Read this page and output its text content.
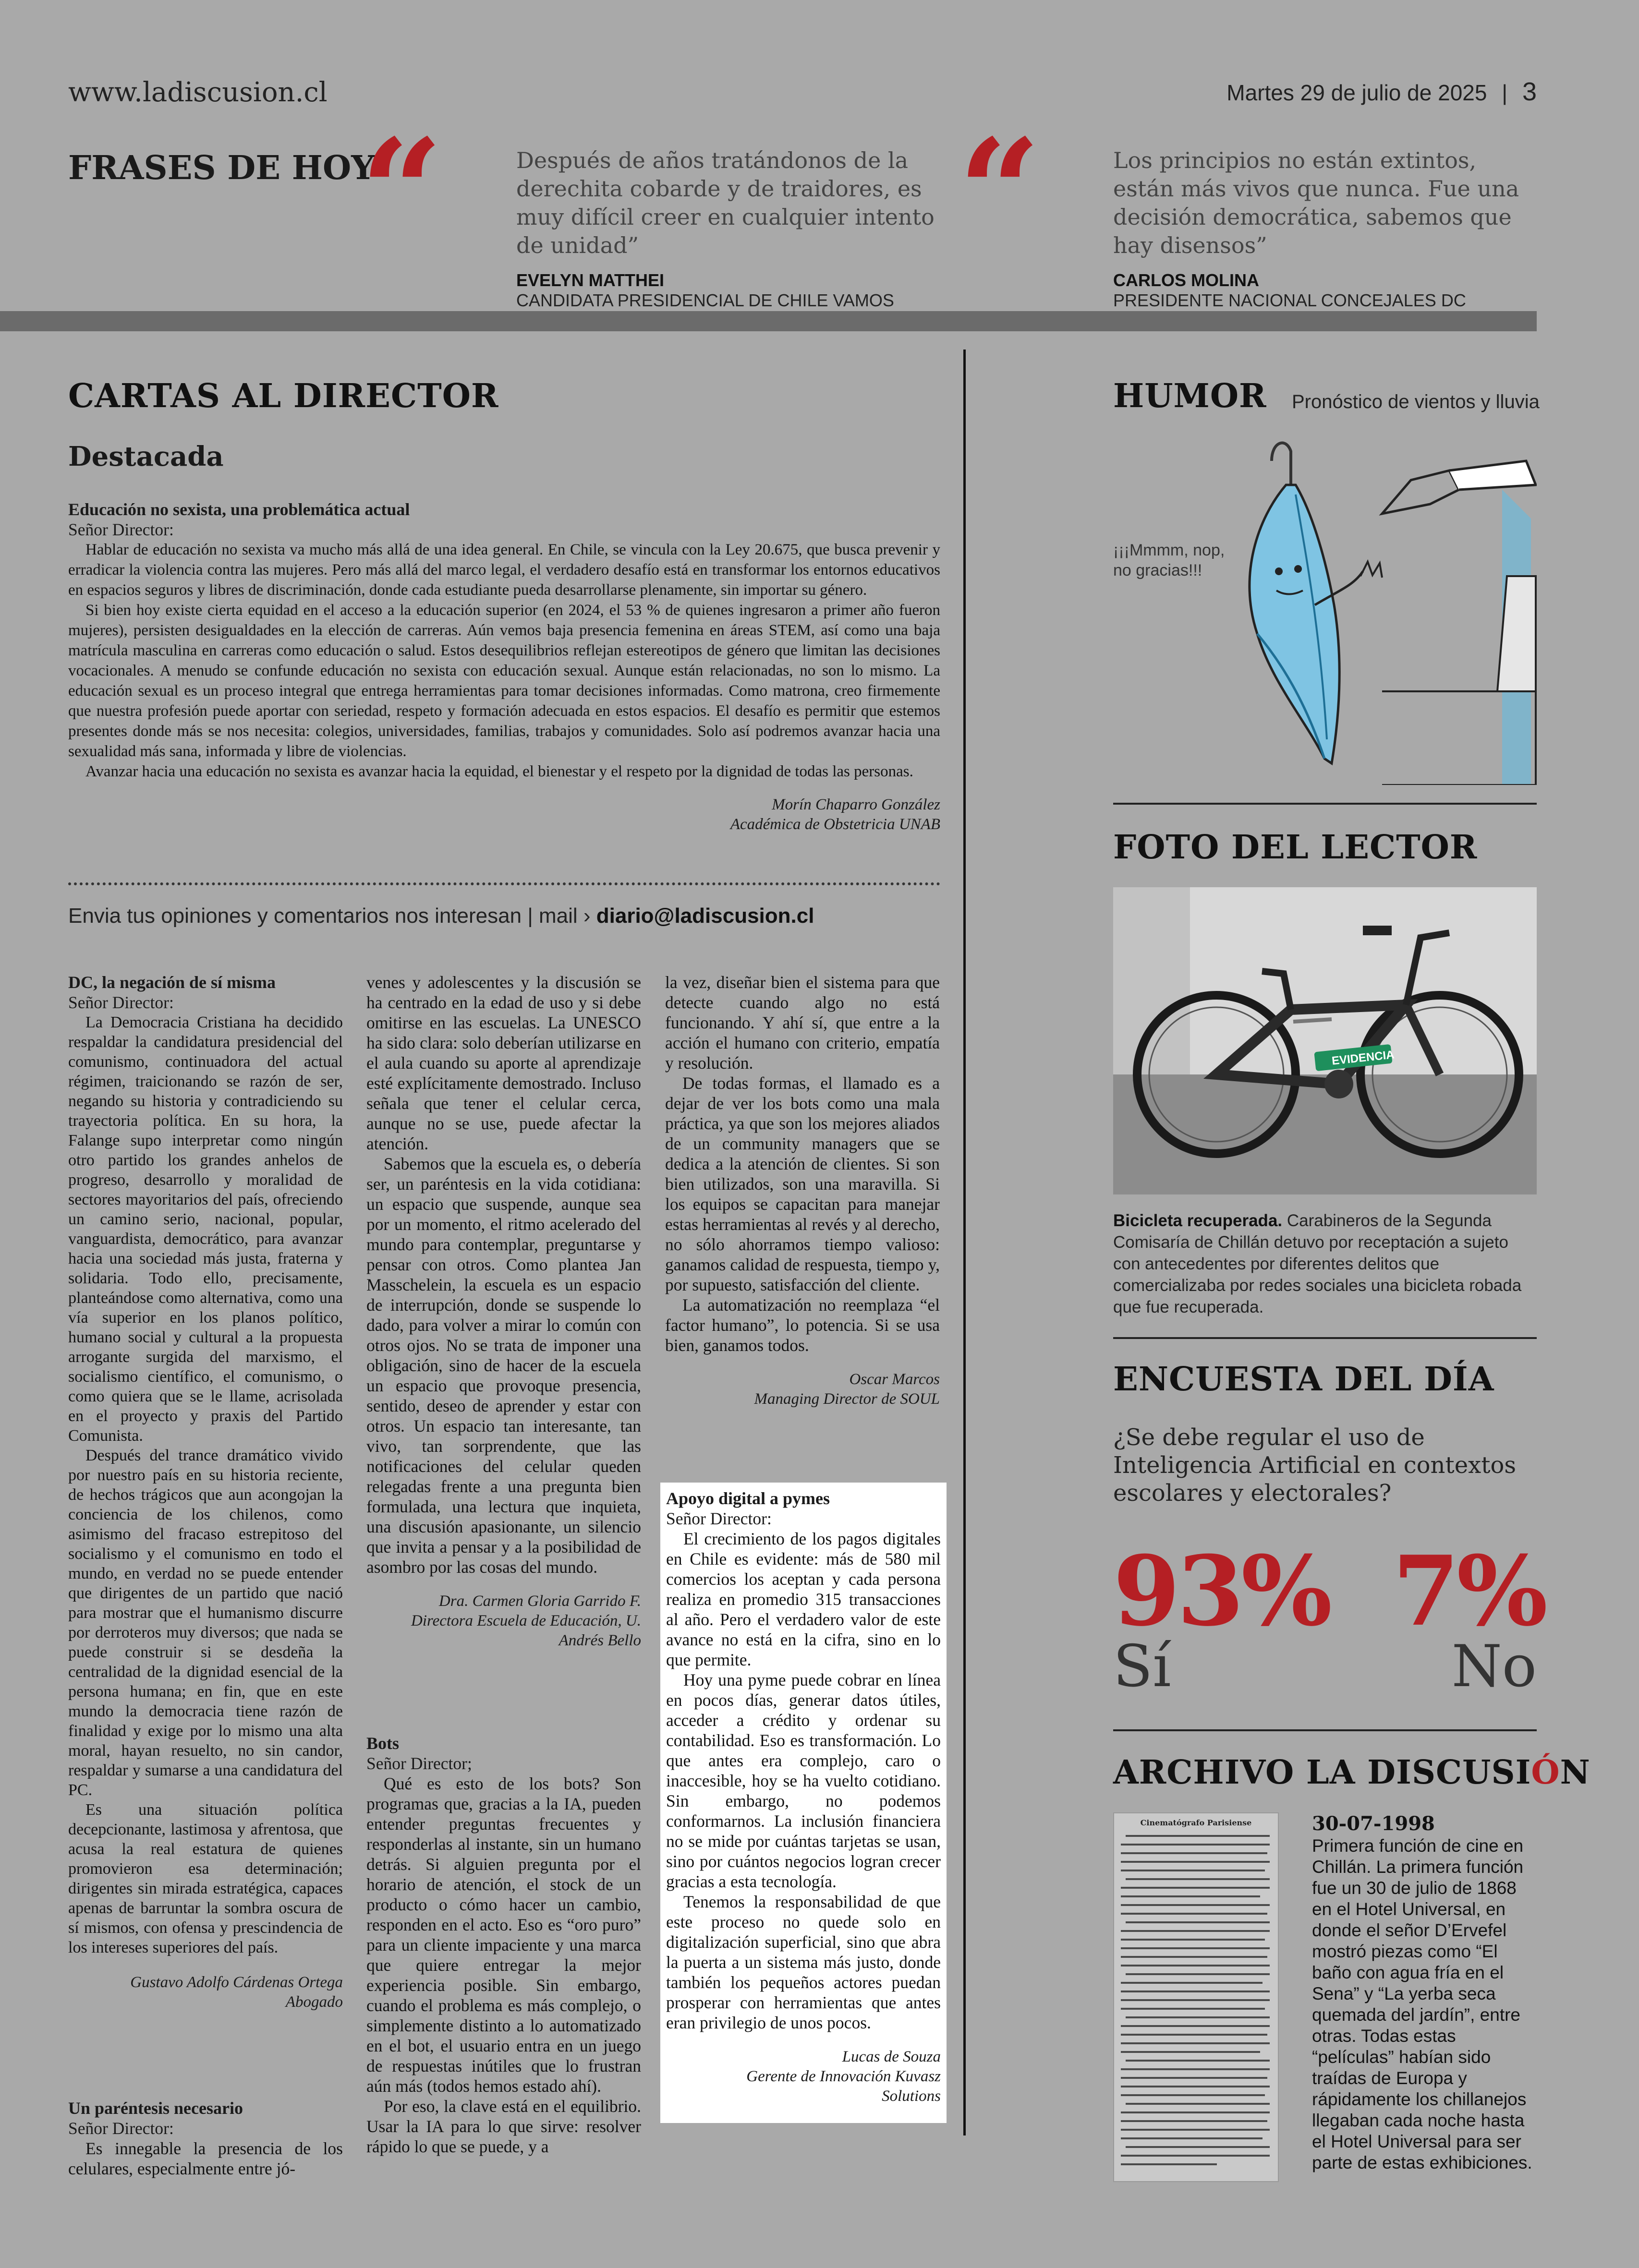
www.ladiscusion.cl	Martes 29 de julio de 2025 | 3
FRASES DE HOY
“	Después de años tratándonos de la derechita cobarde y de traidores, es muy difícil creer en cualquier intento de unidad”
EVELYN MATTHEI
CANDIDATA PRESIDENCIAL DE CHILE VAMOS
“	Los principios no están extintos, están más vivos que nunca. Fue una decisión democrática, sabemos que hay disensos”
CARLOS MOLINA
PRESIDENTE NACIONAL CONCEJALES DC
CARTAS AL DIRECTOR
Destacada
Educación no sexista, una problemática actual
Señor Director:

Hablar de educación no sexista va mucho más allá de una idea general. En Chile, se vincula con la Ley 20.675, que busca prevenir y erradicar la violencia contra las mujeres. Pero más allá del marco legal, el verdadero desafío está en transformar los entornos educativos en espacios seguros y libres de discriminación, donde cada estudiante pueda desarrollarse plenamente, sin importar su género.

Si bien hoy existe cierta equidad en el acceso a la educación superior (en 2024, el 53 % de quienes ingresaron a primer año fueron mujeres), persisten desigualdades en la elección de carreras. Aún vemos baja presencia femenina en áreas STEM, así como una baja matrícula masculina en carreras como educación o salud. Estos desequilibrios reflejan estereotipos de género que limitan las decisiones vocacionales. A menudo se confunde educación no sexista con educación sexual. Aunque están relacionadas, no son lo mismo. La educación sexual es un proceso integral que entrega herramientas para tomar decisiones informadas. Como matrona, creo firmemente que nuestra profesión puede aportar con seriedad, respeto y formación adecuada en estos espacios. El desafío es permitir que estemos presentes donde más se nos necesita: colegios, universidades, familias, trabajos y comunidades. Solo así podremos avanzar hacia una sexualidad más sana, informada y libre de violencias.

Avanzar hacia una educación no sexista es avanzar hacia la equidad, el bienestar y el respeto por la dignidad de todas las personas.

Morín Chaparro González
Académica de Obstetricia UNAB
Envia tus opiniones y comentarios nos interesan | mail › diario@ladiscusion.cl
DC, la negación de sí misma
Señor Director:

La Democracia Cristiana ha decidido respaldar la candidatura presidencial del comunismo, continuadora del actual régimen, traicionando se razón de ser, negando su historia y contradiciendo su trayectoria política. En su hora, la Falange supo interpretar como ningún otro partido los grandes anhelos de progreso, desarrollo y moralidad de sectores mayoritarios del país, ofreciendo un camino serio, nacional, popular, vanguardista, democrático, para avanzar hacia una sociedad más justa, fraterna y solidaria. Todo ello, precisamente, planteándose como alternativa, como una vía superior en los planos político, humano social y cultural a la propuesta arrogante surgida del marxismo, el socialismo científico, el comunismo, o como quiera que se le llame, acrisolada en el proyecto y praxis del Partido Comunista.

Después del trance dramático vivido por nuestro país en su historia reciente, de hechos trágicos que aun acongojan la conciencia de los chilenos, como asimismo del fracaso estrepitoso del socialismo y el comunismo en todo el mundo, en verdad no se puede entender que dirigentes de un partido que nació para mostrar que el humanismo discurre por derroteros muy diversos; que nada se puede construir si se desdeña la centralidad de la dignidad esencial de la persona humana; en fin, que en este mundo la democracia tiene razón de finalidad y exige por lo mismo una alta moral, hayan resuelto, no sin candor, respaldar y sumarse a una candidatura del PC.

Es una situación política decepcionante, lastimosa y afrentosa, que acusa la real estatura de quienes promovieron esa determinación; dirigentes sin mirada estratégica, capaces apenas de barruntar la sombra oscura de sí mismos, con ofensa y prescindencia de los intereses superiores del país.

Gustavo Adolfo Cárdenas Ortega
Abogado
Un paréntesis necesario
Señor Director:

Es innegable la presencia de los celulares, especialmente entre jó-

venes y adolescentes y la discusión se ha centrado en la edad de uso y si debe omitirse en las escuelas. La UNESCO ha sido clara: solo deberían utilizarse en el aula cuando su aporte al aprendizaje esté explícitamente demostrado. Incluso señala que tener el celular cerca, aunque no se use, puede afectar la atención.

Sabemos que la escuela es, o debería ser, un paréntesis en la vida cotidiana: un espacio que suspende, aunque sea por un momento, el ritmo acelerado del mundo para contemplar, preguntarse y pensar con otros. Como plantea Jan Masschelein, la escuela es un espacio de interrupción, donde se suspende lo dado, para volver a mirar lo común con otros ojos. No se trata de imponer una obligación, sino de hacer de la escuela un espacio que provoque presencia, sentido, deseo de aprender y estar con otros. Un espacio tan interesante, tan vivo, tan sorprendente, que las notificaciones del celular queden relegadas frente a una pregunta bien formulada, una lectura que inquieta, una discusión apasionante, un silencio que invita a pensar y a la posibilidad de asombro por las cosas del mundo.

Dra. Carmen Gloria Garrido F.
Directora Escuela de Educación, U.
Andrés Bello
Bots
Señor Director;

Qué es esto de los bots? Son programas que, gracias a la IA, pueden entender preguntas frecuentes y responderlas al instante, sin un humano detrás. Si alguien pregunta por el horario de atención, el stock de un producto o cómo hacer un cambio, responden en el acto. Eso es “oro puro” para un cliente impaciente y una marca que quiere entregar la mejor experiencia posible. Sin embargo, cuando el problema es más complejo, o simplemente distinto a lo automatizado en el bot, el usuario entra en un juego de respuestas inútiles que lo frustran aún más (todos hemos estado ahí).

Por eso, la clave está en el equilibrio. Usar la IA para lo que sirve: resolver rápido lo que se puede, y a

la vez, diseñar bien el sistema para que detecte cuando algo no está funcionando. Y ahí sí, que entre a la acción el humano con criterio, empatía y resolución.

De todas formas, el llamado es a dejar de ver los bots como una mala práctica, ya que son los mejores aliados de un community managers que se dedica a la atención de clientes. Si son bien utilizados, son una maravilla. Si los equipos se capacitan para manejar estas herramientas al revés y al derecho, no sólo ahorramos tiempo valioso: ganamos calidad de respuesta, tiempo y, por supuesto, satisfacción del cliente.

La automatización no reemplaza “el factor humano”, lo potencia. Si se usa bien, ganamos todos.

Oscar Marcos
Managing Director de SOUL
Apoyo digital a pymes
Señor Director:

El crecimiento de los pagos digitales en Chile es evidente: más de 580 mil comercios los aceptan y cada persona realiza en promedio 315 transacciones al año. Pero el verdadero valor de este avance no está en la cifra, sino en lo que permite.

Hoy una pyme puede cobrar en línea en pocos días, generar datos útiles, acceder a crédito y ordenar su contabilidad. Eso es transformación. Lo que antes era complejo, caro o inaccesible, hoy se ha vuelto cotidiano. Sin embargo, no podemos conformarnos. La inclusión financiera no se mide por cuántas tarjetas se usan, sino por cuántos negocios logran crecer gracias a esta tecnología.

Tenemos la responsabilidad de que este proceso no quede solo en digitalización superficial, sino que abra la puerta a un sistema más justo, donde también los pequeños actores puedan prosperar con herramientas que antes eran privilegio de unos pocos.

Lucas de Souza
Gerente de Innovación Kuvasz
Solutions
HUMOR Pronóstico de vientos y lluvia
¡¡¡Mmmm, nop, no gracias!!!
FOTO DEL LECTOR
EVIDENCIA
Bicicleta recuperada. Carabineros de la Segunda Comisaría de Chillán detuvo por receptación a sujeto con antecedentes por diferentes delitos que comercializaba por redes sociales una bicicleta robada que fue recuperada.
ENCUESTA DEL DÍA
¿Se debe regular el uso de Inteligencia Artificial en contextos escolares y electorales?
93%
Sí
7%
No
ARCHIVO LA DISCUSIÓN
Cinematógrafo Parisiense	30-07-1998
Primera función de cine en Chillán. La primera función fue un 30 de julio de 1868 en el Hotel Universal, en donde el señor D’Ervefel mostró piezas como “El baño con agua fría en el Sena” y “La yerba seca quemada del jardín”, entre otras. Todas estas “películas” habían sido traídas de Europa y rápidamente los chillanejos llegaban cada noche hasta el Hotel Universal para ser parte de estas exhibiciones.
